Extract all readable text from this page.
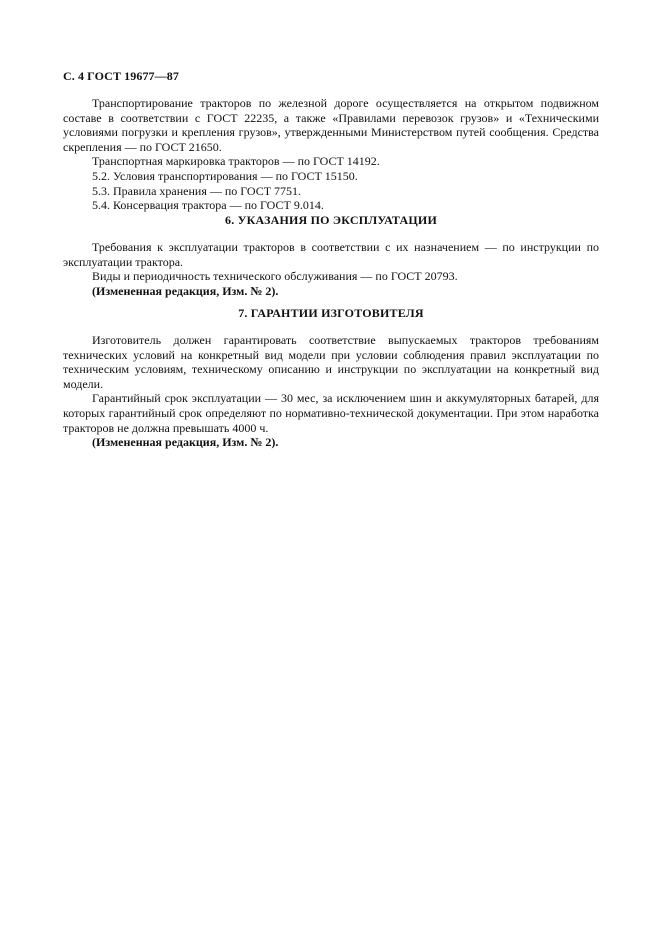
С. 4 ГОСТ 19677—87

Транспортирование тракторов по железной дороге осуществляется на открытом подвижном составе в соответствии с ГОСТ 22235, а также «Правилами перевозок грузов» и «Техническими условиями погрузки и крепления грузов», утвержденными Министерством путей сообщения. Средства скрепления — по ГОСТ 21650.

Транспортная маркировка тракторов — по ГОСТ 14192.

5.2. Условия транспортирования — по ГОСТ 15150.

5.3. Правила хранения — по ГОСТ 7751.

5.4. Консервация трактора — по ГОСТ 9.014.

6. УКАЗАНИЯ ПО ЭКСПЛУАТАЦИИ

Требования к эксплуатации тракторов в соответствии с их назначением — по инструкции по эксплуатации трактора.

Виды и периодичность технического обслуживания — по ГОСТ 20793.

(Измененная редакция, Изм. № 2).

7. ГАРАНТИИ ИЗГОТОВИТЕЛЯ

Изготовитель должен гарантировать соответствие выпускаемых тракторов требованиям технических условий на конкретный вид модели при условии соблюдения правил эксплуатации по техническим условиям, техническому описанию и инструкции по эксплуатации на конкретный вид модели.

Гарантийный срок эксплуатации — 30 мес, за исключением шин и аккумуляторных батарей, для которых гарантийный срок определяют по нормативно-технической документации. При этом наработка тракторов не должна превышать 4000 ч.

(Измененная редакция, Изм. № 2).
